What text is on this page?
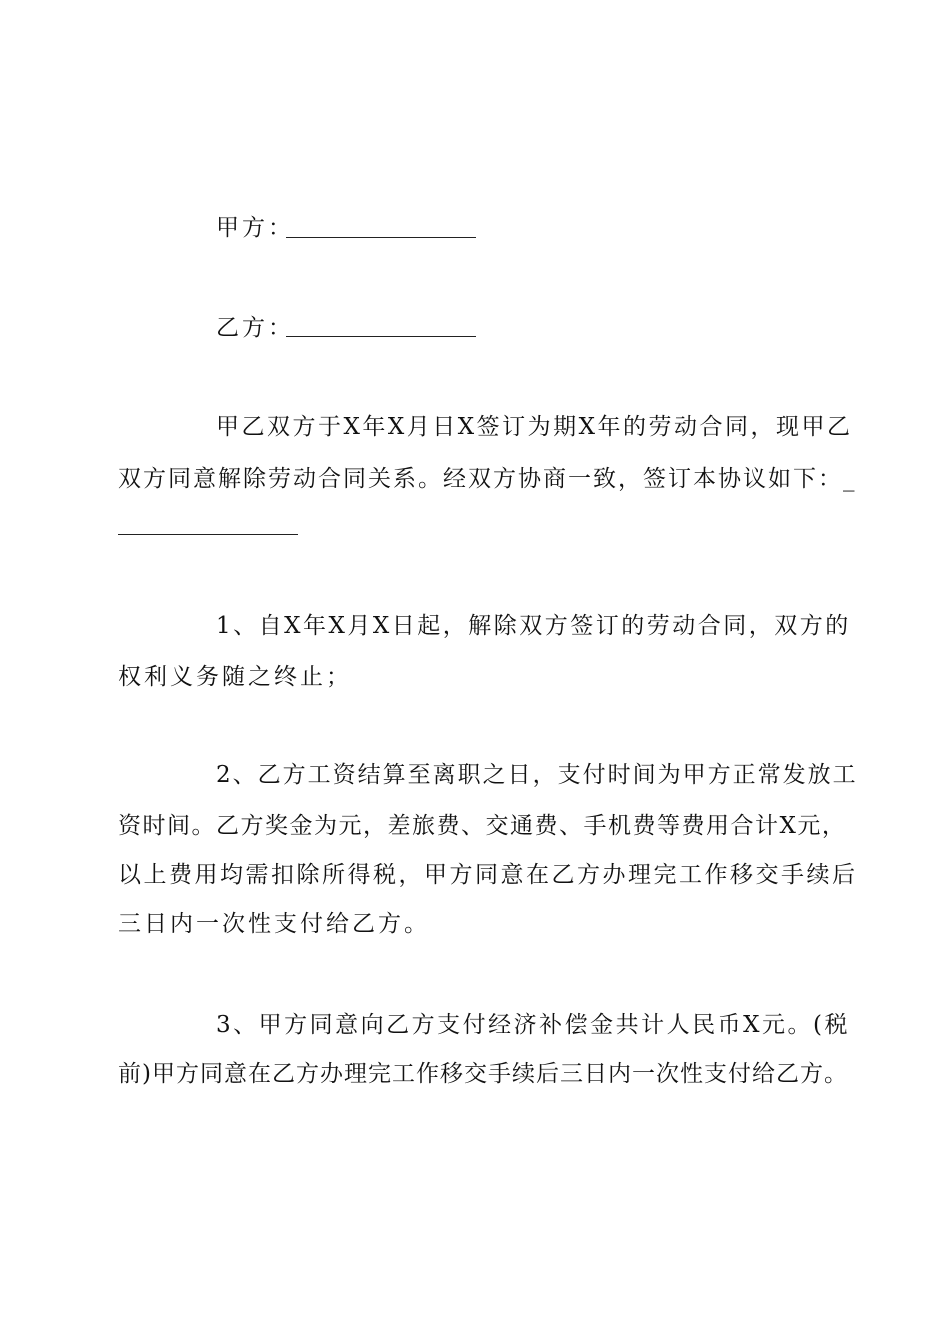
甲方：
乙方：
甲乙双方于X年X月日X签订为期X年的劳动合同，现甲乙
双方同意解除劳动合同关系。经双方协商一致，签订本协议如下：_
1、自X年X月X日起，解除双方签订的劳动合同，双方的
权利义务随之终止；
2、乙方工资结算至离职之日，支付时间为甲方正常发放工
资时间。乙方奖金为元，差旅费、交通费、手机费等费用合计X元，
以上费用均需扣除所得税，甲方同意在乙方办理完工作移交手续后
三日内一次性支付给乙方。
3、甲方同意向乙方支付经济补偿金共计人民币X元。(税
前)甲方同意在乙方办理完工作移交手续后三日内一次性支付给乙方。
